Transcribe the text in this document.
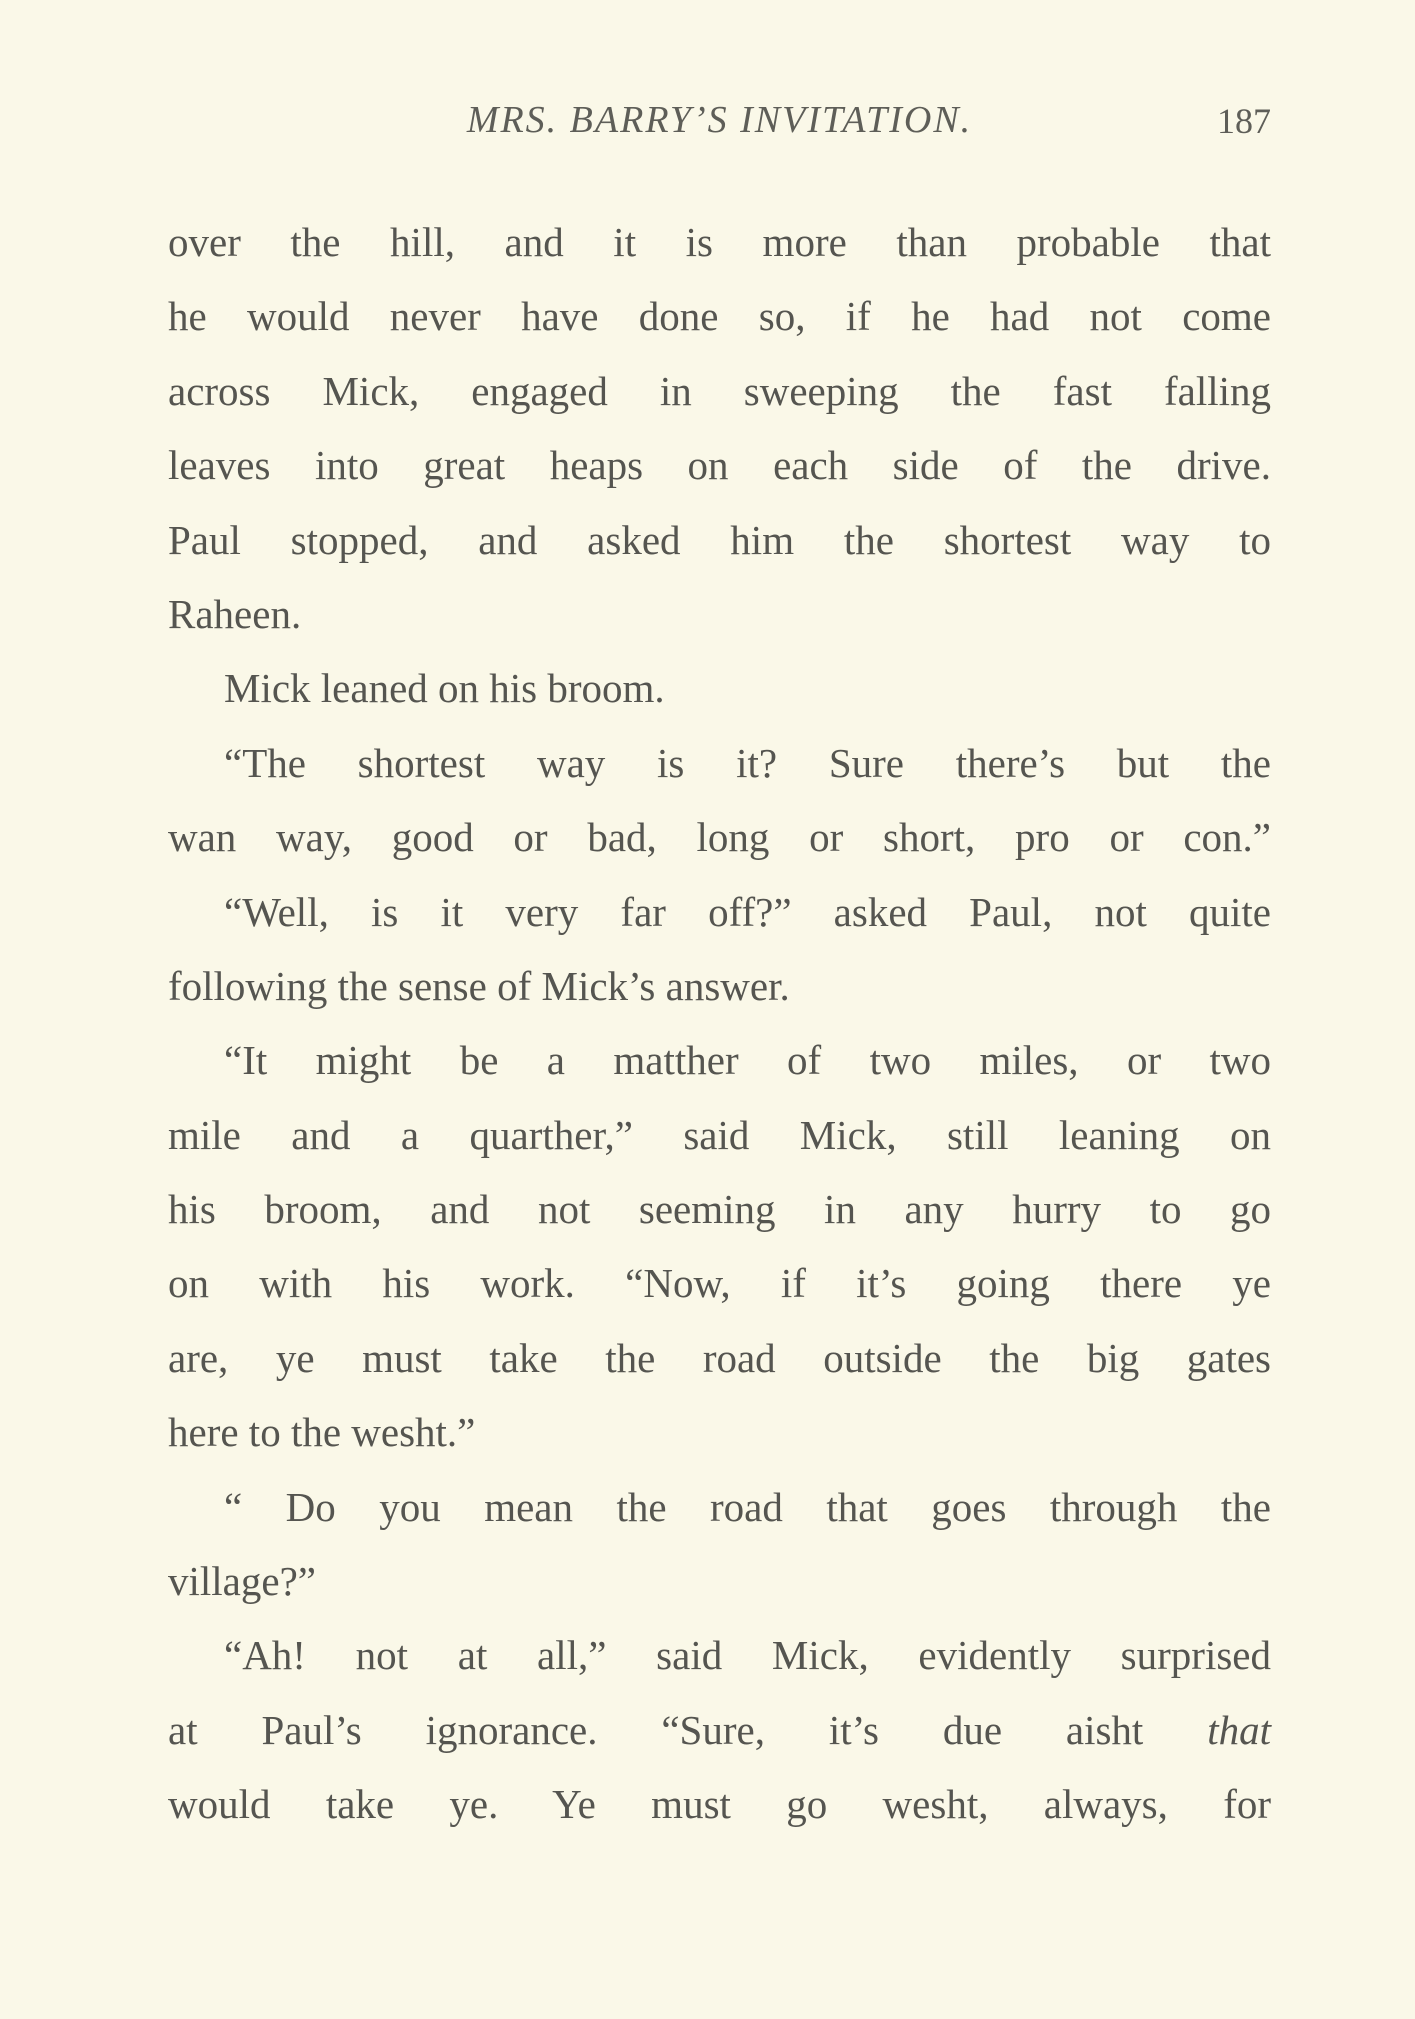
MRS. BARRY’S INVITATION.	187
over the hill, and it is more than probable that
he would never have done so, if he had not come
across Mick, engaged in sweeping the fast falling
leaves into great heaps on each side of the drive.
Paul stopped, and asked him the shortest way to
Raheen.
Mick leaned on his broom.
“The shortest way is it? Sure there’s but the
wan way, good or bad, long or short, pro or con.”
“Well, is it very far off?” asked Paul, not quite
following the sense of Mick’s answer.
“It might be a matther of two miles, or two
mile and a quarther,” said Mick, still leaning on
his broom, and not seeming in any hurry to go
on with his work. “Now, if it’s going there ye
are, ye must take the road outside the big gates
here to the wesht.”
“ Do you mean the road that goes through the
village?”
“Ah! not at all,” said Mick, evidently surprised
at Paul’s ignorance. “Sure, it’s due aisht that
would take ye. Ye must go wesht, always, for
